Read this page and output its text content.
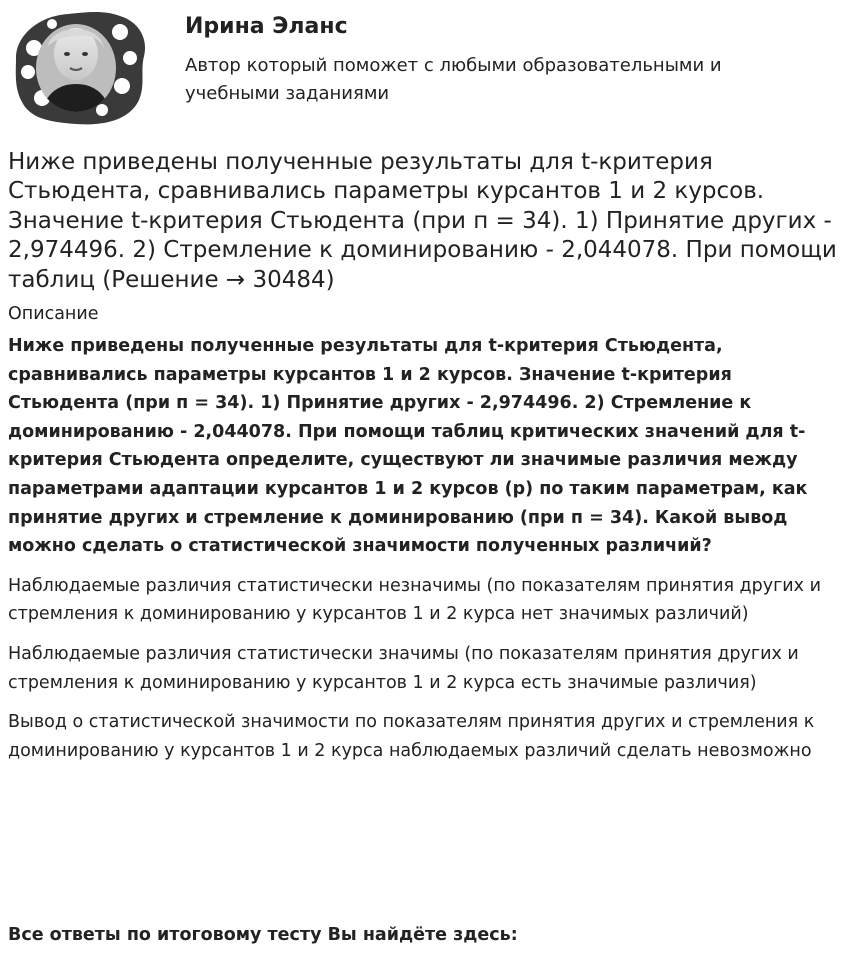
Ирина Эланс
Автор который поможет с любыми образовательными и учебными заданиями
Ниже приведены полученные результаты для t-критерия Стьюдента, сравнивались параметры курсантов 1 и 2 курсов. Значение t-критерия Стьюдента (при п = 34). 1) Принятие других - 2,974496. 2) Стремление к доминированию - 2,044078. При помощи таблиц (Решение → 30484)
Описание
Ниже приведены полученные результаты для t-критерия Стьюдента, сравнивались параметры курсантов 1 и 2 курсов. Значение t-критерия Стьюдента (при п = 34). 1) Принятие других - 2,974496. 2) Стремление к доминированию - 2,044078. При помощи таблиц критических значений для t-критерия Стьюдента определите, существуют ли значимые различия между параметрами адаптации курсантов 1 и 2 курсов (р) по таким параметрам, как принятие других и стремление к доминированию (при п = 34). Какой вывод можно сделать о статистической значимости полученных различий?
Наблюдаемые различия статистически незначимы (по показателям принятия других и стремления к доминированию у курсантов 1 и 2 курса нет значимых различий)
Наблюдаемые различия статистически значимы (по показателям принятия других и стремления к доминированию у курсантов 1 и 2 курса есть значимые различия)
Вывод о статистической значимости по показателям принятия других и стремления к доминированию у курсантов 1 и 2 курса наблюдаемых различий сделать невозможно
Все ответы по итоговому тесту Вы найдёте здесь:
